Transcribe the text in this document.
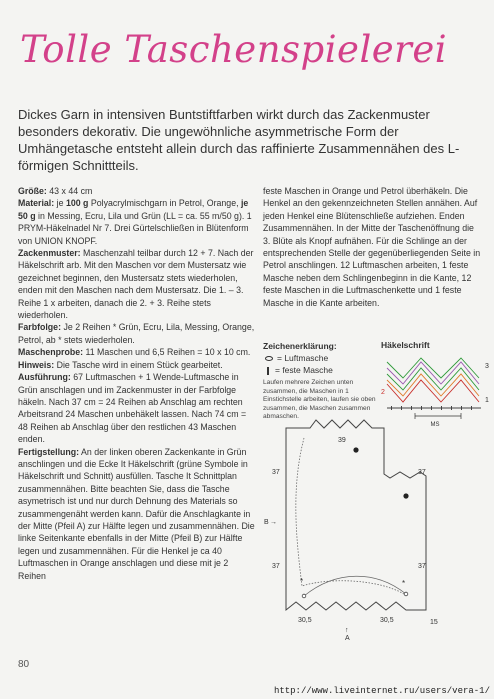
Tolle Taschenspielerei
Dickes Garn in intensiven Buntstiftfarben wirkt durch das Zackenmuster besonders dekorativ. Die ungewöhnliche asymmetrische Form der Umhängetasche entsteht allein durch das raffinierte Zusammennähen des L-förmigen Schnittteils.

Größe: 43 x 44 cm

Material: je 100 g Polyacrylmischgarn in Petrol, Orange, je 50 g in Messing, Ecru, Lila und Grün (LL = ca. 55 m/50 g). 1 PRYM-Häkelnadel Nr 7. Drei Gürtelschließen in Blütenform von UNION KNOPF.

Zackenmuster: Maschenzahl teilbar durch 12 + 7. Nach der Häkelschrift arb. Mit den Maschen vor dem Mustersatz wie gezeichnet beginnen, den Mustersatz stets wiederholen, enden mit den Maschen nach dem Mustersatz. Die 1. – 3. Reihe 1 x arbeiten, danach die 2. + 3. Reihe stets wiederholen.

Farbfolge: Je 2 Reihen * Grün, Ecru, Lila, Messing, Orange, Petrol, ab * stets wiederholen.

Maschenprobe: 11 Maschen und 6,5 Reihen = 10 x 10 cm.

Hinweis: Die Tasche wird in einem Stück gearbeitet.

Ausführung: 67 Luftmaschen + 1 Wende-Luftmasche in Grün anschlagen und im Zackenmuster in der Farbfolge häkeln. Nach 37 cm = 24 Reihen ab Anschlag am rechten Arbeitsrand 24 Maschen unbehäkelt lassen. Nach 74 cm = 48 Reihen ab Anschlag über den restlichen 43 Maschen enden.

Fertigstellung: An der linken oberen Zackenkante in Grün anschlingen und die Ecke It Häkelschrift (grüne Symbole in Häkelschrift und Schnitt) ausfüllen. Tasche It Schnittplan zusammennähen. Bitte beachten Sie, dass die Tasche asymetrisch ist und nur durch Dehnung des Materials so zusammengenäht werden kann. Dafür die Anschlagkante in der Mitte (Pfeil A) zur Hälfte legen und zusammennähen. Die linke Seitenkante ebenfalls in der Mitte (Pfeil B) zur Hälfte legen und zusammennähen. Für die Henkel je ca 40 Luftmaschen in Orange anschlagen und diese mit je 2 Reihen

feste Maschen in Orange und Petrol überhäkeln. Die Henkel an den gekennzeichneten Stellen annähen. Auf jeden Henkel eine Blütenschließe aufziehen. Enden Zusammennähen. In der Mitte der Taschenöffnung die 3. Blüte als Knopf aufnähen. Für die Schlinge an der entsprechenden Stelle der gegenüberliegenden Seite in Petrol anschlingen. 12 Luftmaschen arbeiten, 1 feste Masche neben dem Schlingenbeginn in die Kante, 12 feste Maschen in die Luftmaschenkette und 1 feste Masche in die Kante arbeiten.
Zeichenerklärung:
= Luftmasche
= feste Masche
Laufen mehrere Zeichen unten zusammen, die Maschen in 1 Einstichstelle arbeiten, laufen sie oben zusammen, die Maschen zusammen abmaschen.
Häkelschrift
MS
3
2
1
*	*
39
37
37
37
37
B →
↑
A
30,5	30,5	15
80
http://www.liveinternet.ru/users/vera-1/
